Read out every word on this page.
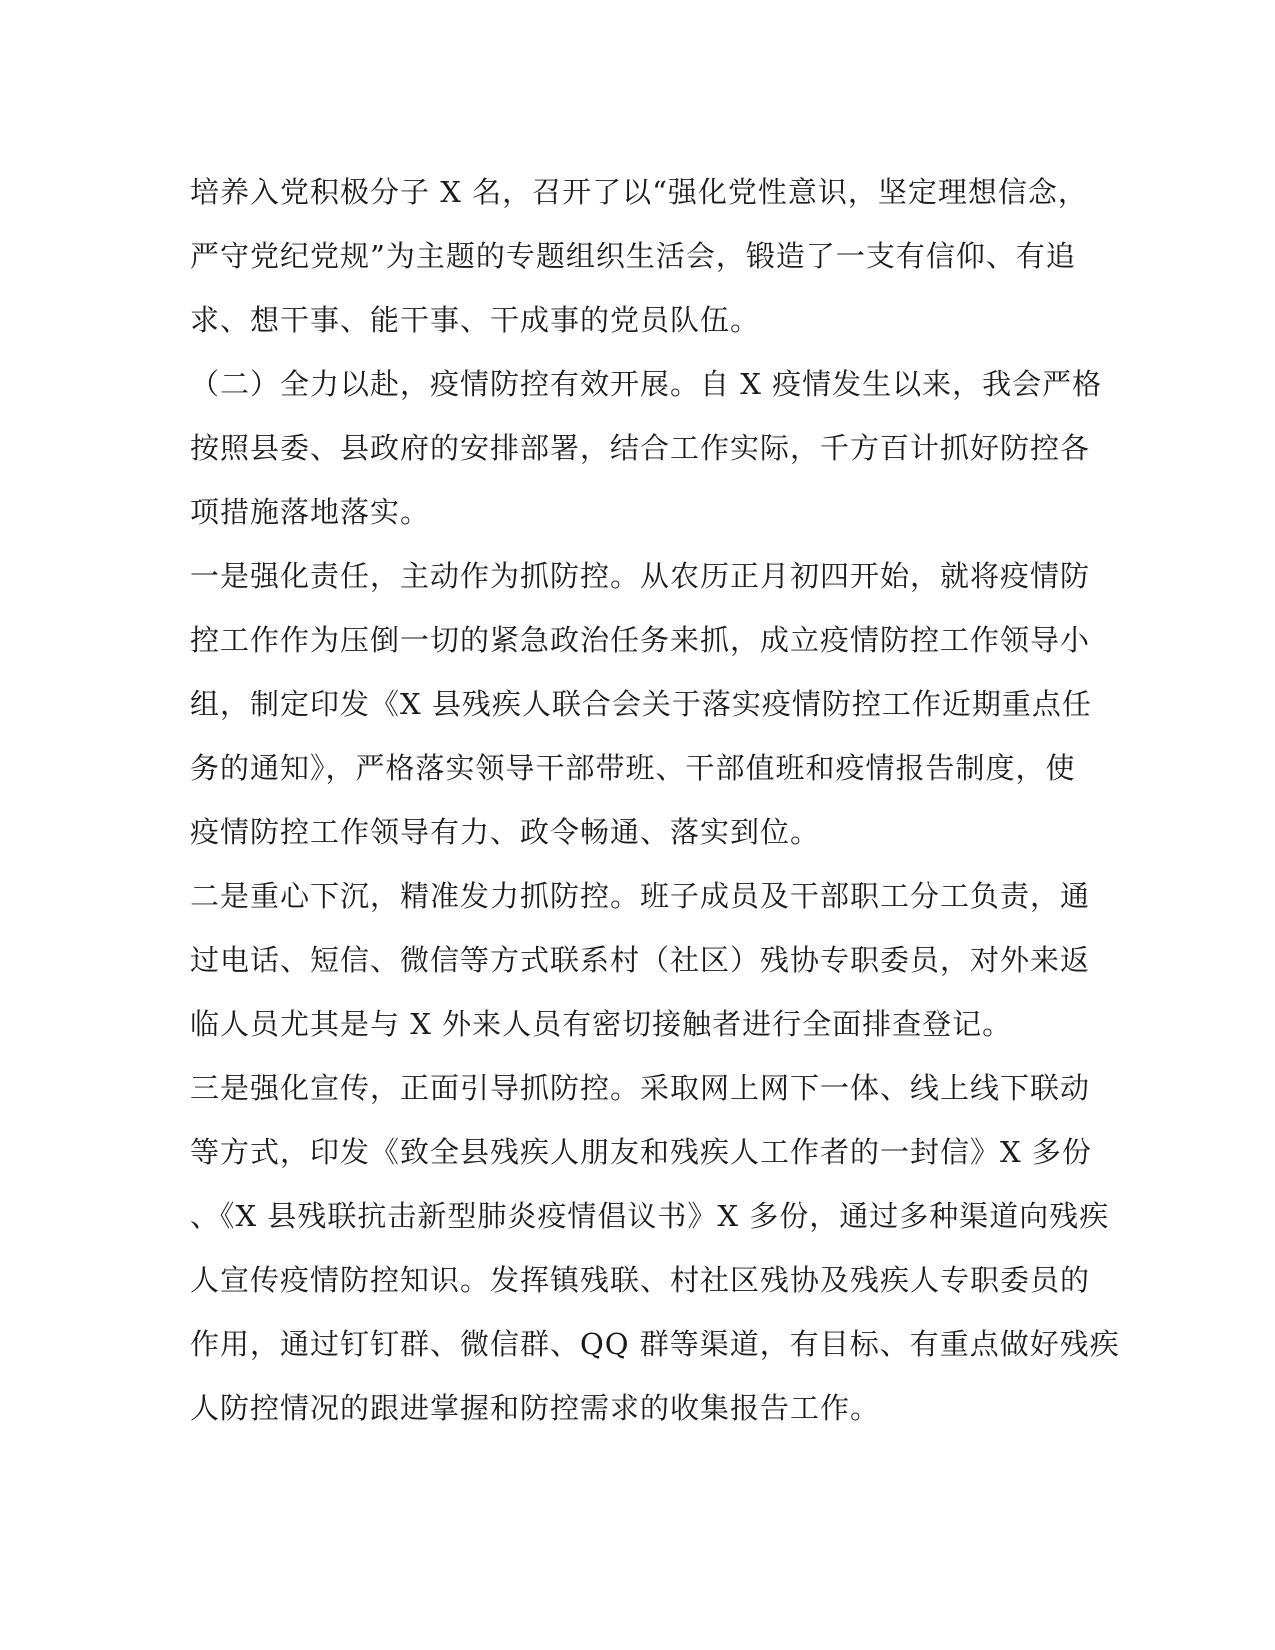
培养入党积极分子 X 名，召开了以“强化党性意识，坚定理想信念，
严守党纪党规”为主题的专题组织生活会，锻造了一支有信仰、有追
求、想干事、能干事、干成事的党员队伍。
（二）全力以赴，疫情防控有效开展。自 X 疫情发生以来，我会严格
按照县委、县政府的安排部署，结合工作实际，千方百计抓好防控各
项措施落地落实。
一是强化责任，主动作为抓防控。从农历正月初四开始，就将疫情防
控工作作为压倒一切的紧急政治任务来抓，成立疫情防控工作领导小
组，制定印发《X 县残疾人联合会关于落实疫情防控工作近期重点任
务的通知》，严格落实领导干部带班、干部值班和疫情报告制度，使
疫情防控工作领导有力、政令畅通、落实到位。
二是重心下沉，精准发力抓防控。班子成员及干部职工分工负责，通
过电话、短信、微信等方式联系村（社区）残协专职委员，对外来返
临人员尤其是与 X 外来人员有密切接触者进行全面排查登记。
三是强化宣传，正面引导抓防控。采取网上网下一体、线上线下联动
等方式，印发《致全县残疾人朋友和残疾人工作者的一封信》X 多份
、《X 县残联抗击新型肺炎疫情倡议书》X 多份，通过多种渠道向残疾
人宣传疫情防控知识。发挥镇残联、村社区残协及残疾人专职委员的
作用，通过钉钉群、微信群、QQ 群等渠道，有目标、有重点做好残疾
人防控情况的跟进掌握和防控需求的收集报告工作。
